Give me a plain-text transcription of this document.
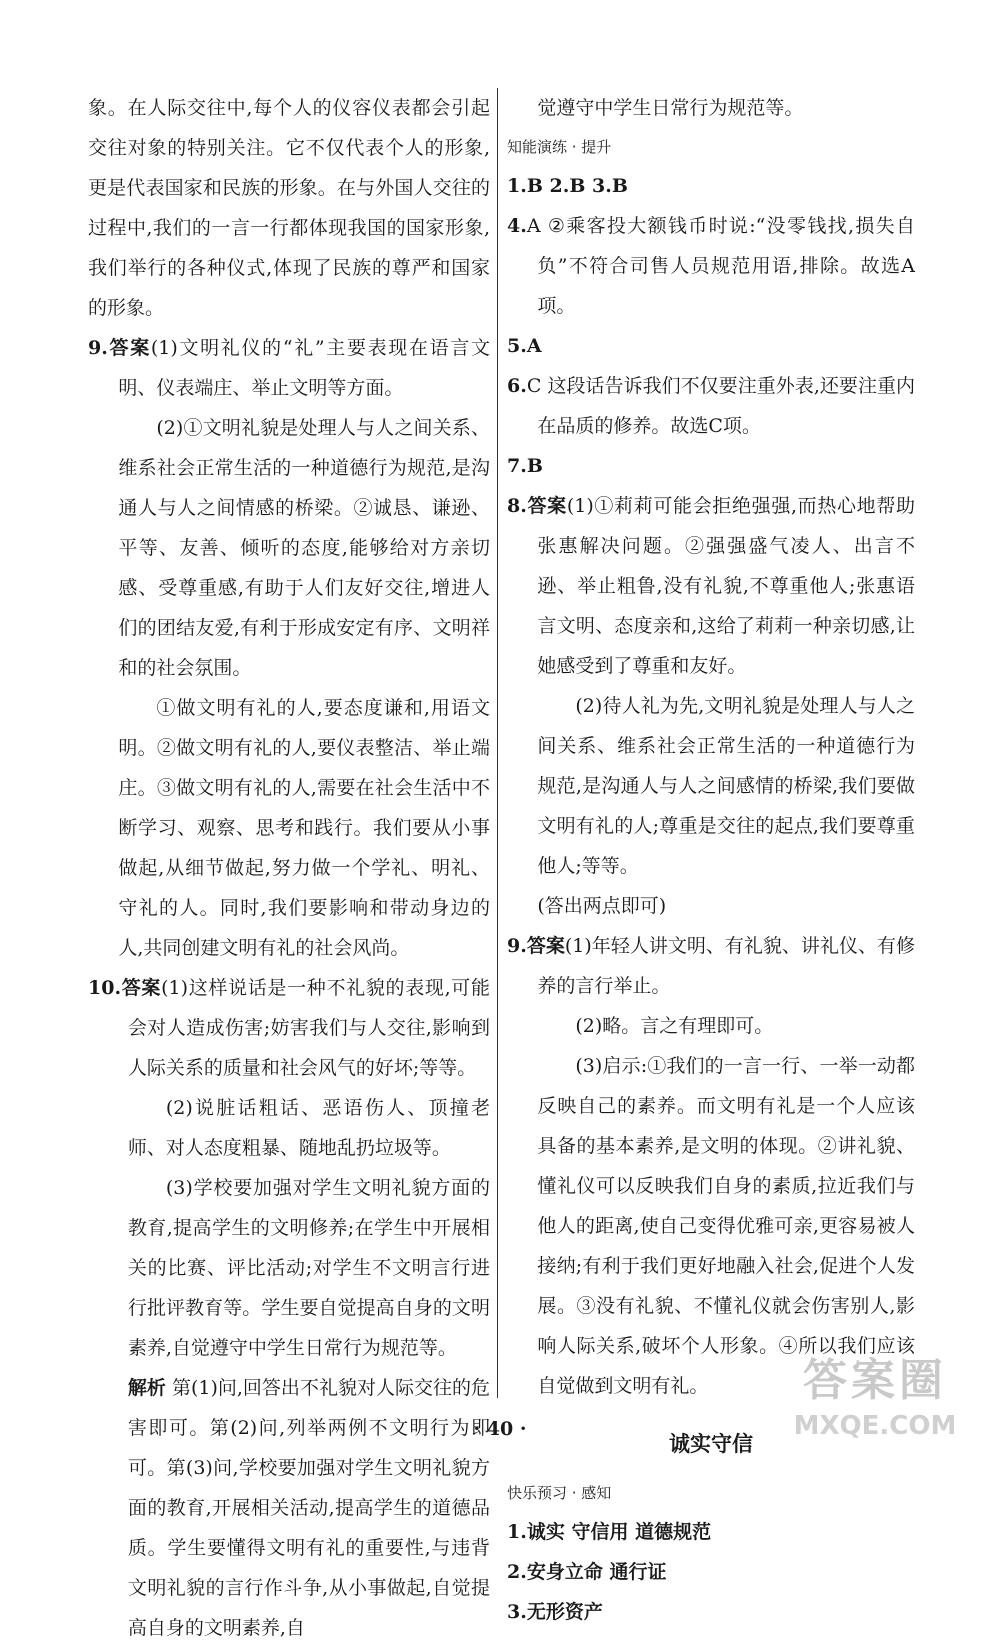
象。在人际交往中,每个人的仪容仪表都会引起交往对象的特别关注。它不仅代表个人的形象,更是代表国家和民族的形象。在与外国人交往的过程中,我们的一言一行都体现我国的国家形象,我们举行的各种仪式,体现了民族的尊严和国家的形象。

9.答案(1)文明礼仪的“礼”主要表现在语言文明、仪表端庄、举止文明等方面。

(2)①文明礼貌是处理人与人之间关系、维系社会正常生活的一种道德行为规范,是沟通人与人之间情感的桥梁。②诚恳、谦逊、平等、友善、倾听的态度,能够给对方亲切感、受尊重感,有助于人们友好交往,增进人们的团结友爱,有利于形成安定有序、文明祥和的社会氛围。

①做文明有礼的人,要态度谦和,用语文明。②做文明有礼的人,要仪表整洁、举止端庄。③做文明有礼的人,需要在社会生活中不断学习、观察、思考和践行。我们要从小事做起,从细节做起,努力做一个学礼、明礼、守礼的人。同时,我们要影响和带动身边的人,共同创建文明有礼的社会风尚。

10.答案(1)这样说话是一种不礼貌的表现,可能会对人造成伤害;妨害我们与人交往,影响到人际关系的质量和社会风气的好坏;等等。

(2)说脏话粗话、恶语伤人、顶撞老师、对人态度粗暴、随地乱扔垃圾等。

(3)学校要加强对学生文明礼貌方面的教育,提高学生的文明修养;在学生中开展相关的比赛、评比活动;对学生不文明言行进行批评教育等。学生要自觉提高自身的文明素养,自觉遵守中学生日常行为规范等。

解析 第(1)问,回答出不礼貌对人际交往的危害即可。第(2)问,列举两例不文明行为即可。第(3)问,学校要加强对学生文明礼貌方面的教育,开展相关活动,提高学生的道德品质。学生要懂得文明有礼的重要性,与违背文明礼貌的言行作斗争,从小事做起,自觉提高自身的文明素养,自

觉遵守中学生日常行为规范等。

知能演练 · 提升

1.B 2.B 3.B

4.A ②乘客投大额钱币时说:“没零钱找,损失自负”不符合司售人员规范用语,排除。故选A项。

5.A

6.C 这段话告诉我们不仅要注重外表,还要注重内在品质的修养。故选C项。

7.B

8.答案(1)①莉莉可能会拒绝强强,而热心地帮助张惠解决问题。②强强盛气凌人、出言不逊、举止粗鲁,没有礼貌,不尊重他人;张惠语言文明、态度亲和,这给了莉莉一种亲切感,让她感受到了尊重和友好。

(2)待人礼为先,文明礼貌是处理人与人之间关系、维系社会正常生活的一种道德行为规范,是沟通人与人之间感情的桥梁,我们要做文明有礼的人;尊重是交往的起点,我们要尊重他人;等等。

(答出两点即可)

9.答案(1)年轻人讲文明、有礼貌、讲礼仪、有修养的言行举止。

(2)略。言之有理即可。

(3)启示:①我们的一言一行、一举一动都反映自己的素养。而文明有礼是一个人应该具备的基本素养,是文明的体现。②讲礼貌、懂礼仪可以反映我们自身的素质,拉近我们与他人的距离,使自己变得优雅可亲,更容易被人接纳;有利于我们更好地融入社会,促进个人发展。③没有礼貌、不懂礼仪就会伤害别人,影响人际关系,破坏个人形象。④所以我们应该自觉做到文明有礼。

诚实守信

快乐预习 · 感知

1.诚实 守信用 道德规范

2.安身立命 通行证

3.无形资产

· 40 ·
答案圈
MXQE.COM
